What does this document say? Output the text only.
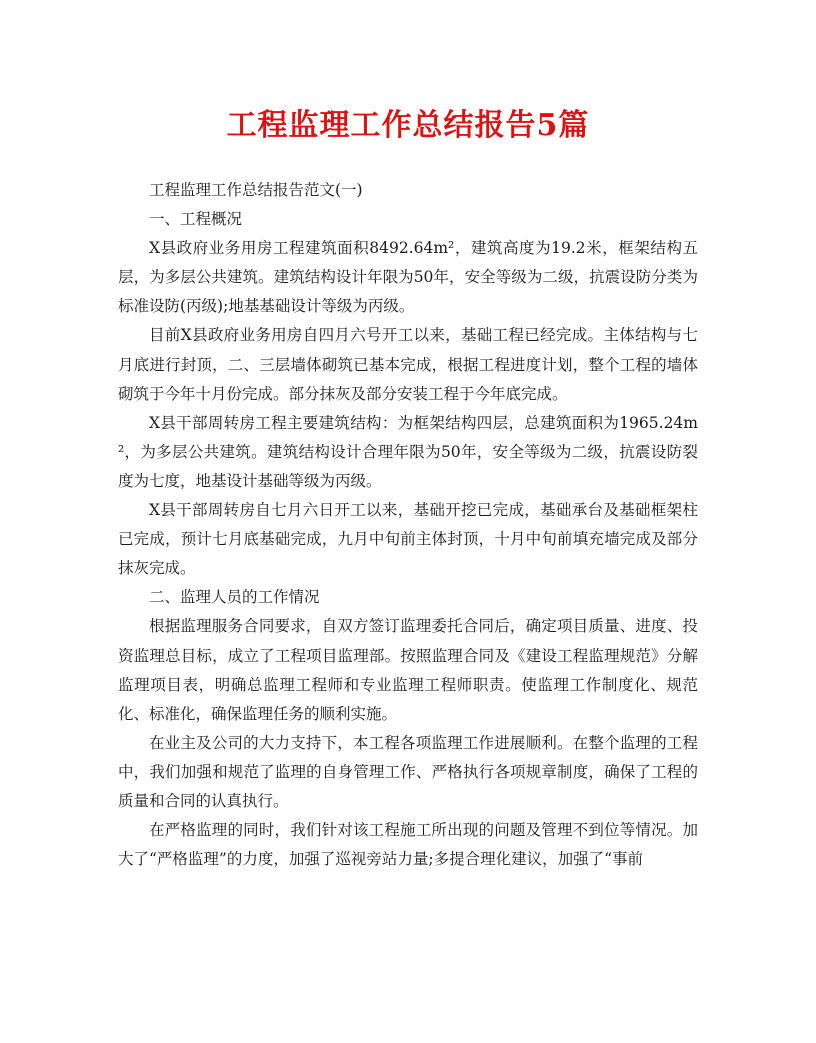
工程监理工作总结报告5篇

工程监理工作总结报告范文(一)

一、工程概况

X县政府业务用房工程建筑面积8492.64m²，建筑高度为19.2米，框架结构五层，为多层公共建筑。建筑结构设计年限为50年，安全等级为二级，抗震设防分类为标准设防(丙级);地基基础设计等级为丙级。

目前X县政府业务用房自四月六号开工以来，基础工程已经完成。主体结构与七月底进行封顶，二、三层墙体砌筑已基本完成，根据工程进度计划，整个工程的墙体砌筑于今年十月份完成。部分抹灰及部分安装工程于今年底完成。

X县干部周转房工程主要建筑结构：为框架结构四层，总建筑面积为1965.24m²，为多层公共建筑。建筑结构设计合理年限为50年，安全等级为二级，抗震设防裂度为七度，地基设计基础等级为丙级。

X县干部周转房自七月六日开工以来，基础开挖已完成，基础承台及基础框架柱已完成，预计七月底基础完成，九月中旬前主体封顶，十月中旬前填充墙完成及部分抹灰完成。

二、监理人员的工作情况

根据监理服务合同要求，自双方签订监理委托合同后，确定项目质量、进度、投资监理总目标，成立了工程项目监理部。按照监理合同及《建设工程监理规范》分解监理项目表，明确总监理工程师和专业监理工程师职责。使监理工作制度化、规范化、标准化，确保监理任务的顺利实施。

在业主及公司的大力支持下，本工程各项监理工作进展顺利。在整个监理的工程中，我们加强和规范了监理的自身管理工作、严格执行各项规章制度，确保了工程的质量和合同的认真执行。

在严格监理的同时，我们针对该工程施工所出现的问题及管理不到位等情况。加大了“严格监理”的力度，加强了巡视旁站力量;多提合理化建议，加强了“事前
